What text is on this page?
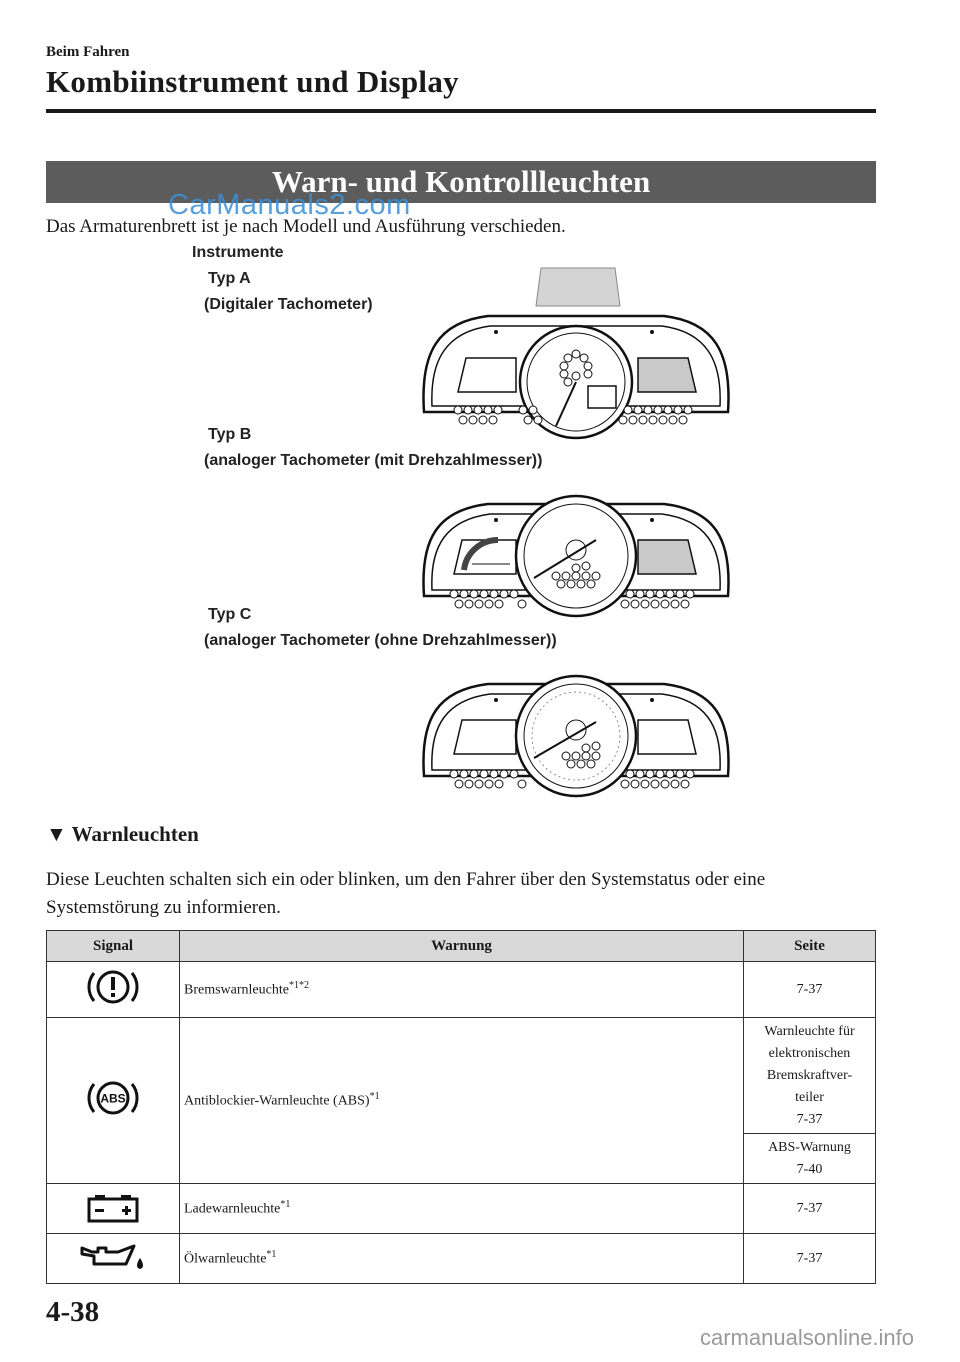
Beim Fahren
Kombiinstrument und Display
Warn- und Kontrollleuchten
CarManuals2.com
Das Armaturenbrett ist je nach Modell und Ausführung verschieden.
Instrumente
Typ A
(Digitaler Tachometer)
Typ B
(analoger Tachometer (mit Drehzahlmesser))
Typ C
(analoger Tachometer (ohne Drehzahlmesser))
▼ Warnleuchten
Diese Leuchten schalten sich ein oder blinken, um den Fahrer über den Systemstatus oder eine Systemstörung zu informieren.
Signal	Warnung	Seite
	Bremswarnleuchte$^{*1*2}$	7-37

ABS	Antiblockier-Warnleuchte (ABS)$^{*1}$	Warnleuchte für
elektronischen
Bremskraftver-
teiler
7-37

		ABS-Warnung
7-40

	Ladewarnleuchte$^{*1}$	7-37
	Ölwarnleuchte$^{*1}$	7-37
4-38
carmanualsonline.info
